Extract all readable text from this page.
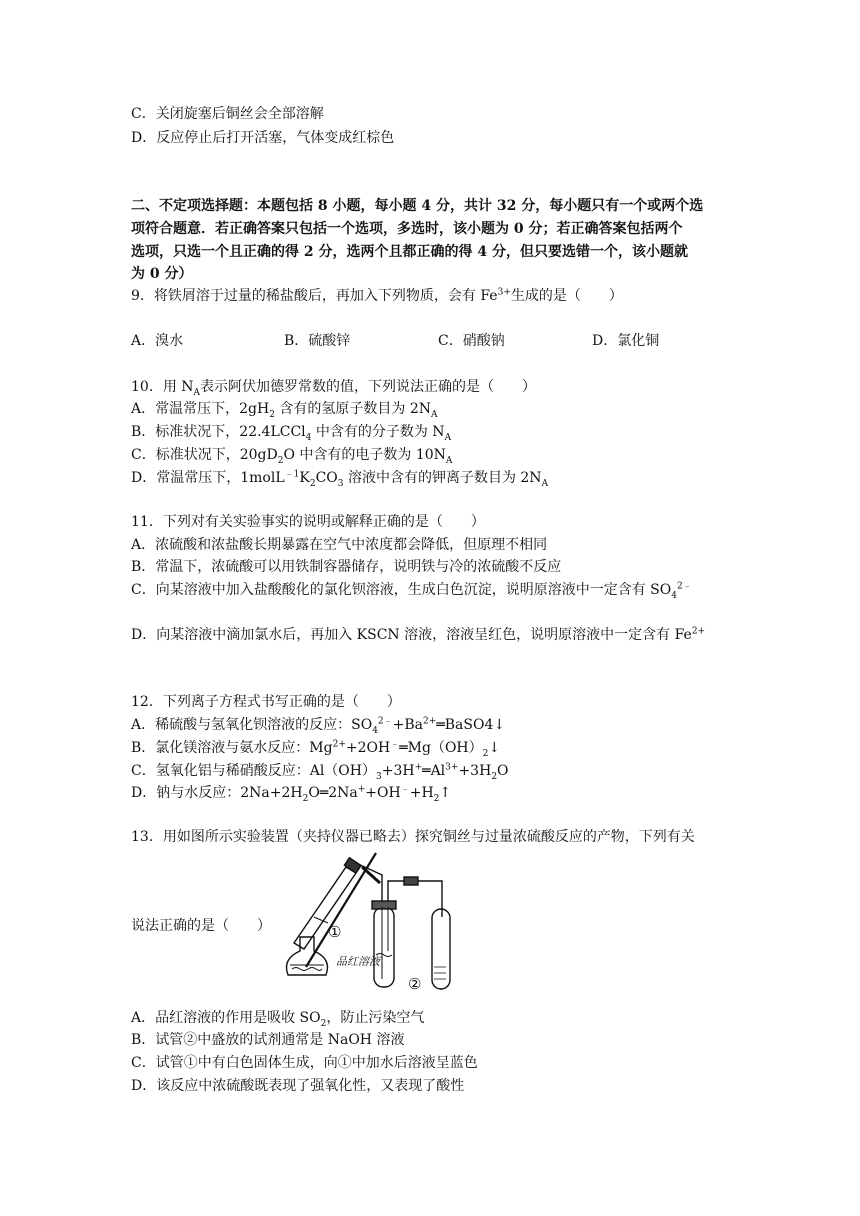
C．关闭旋塞后铜丝会全部溶解
D．反应停止后打开活塞，气体变成红棕色
二、不定项选择题：本题包括 8 小题，每小题 4 分，共计 32 分，每小题只有一个或两个选
项符合题意．若正确答案只包括一个选项，多选时，该小题为 0 分；若正确答案包括两个
选项，只选一个且正确的得 2 分，选两个且都正确的得 4 分，但只要选错一个，该小题就
为 0 分）
9．将铁屑溶于过量的稀盐酸后，再加入下列物质，会有 $Fe^{3+}$生成的是（　　）
A．溴水	B．硫酸锌	C．硝酸钠	D．氯化铜
10．用 $N_A$表示阿伏加德罗常数的值，下列说法正确的是（　　）
A．常温常压下，$2gH_2$ 含有的氢原子数目为 $2N_A$
B．标准状况下，22.4LCCl$_4$ 中含有的分子数为 $N_A$
C．标准状况下，$20gD_2O$ 中含有的电子数为 $10N_A$
D．常温常压下，$1molL^{﹣1}K_2CO_3$ 溶液中含有的钾离子数目为 $2N_A$
11．下列对有关实验事实的说明或解释正确的是（　　）
A．浓硫酸和浓盐酸长期暴露在空气中浓度都会降低，但原理不相同
B．常温下，浓硫酸可以用铁制容器储存，说明铁与冷的浓硫酸不反应
C．向某溶液中加入盐酸酸化的氯化钡溶液，生成白色沉淀，说明原溶液中一定含有 $SO_4^{2﹣}$
D．向某溶液中滴加氯水后，再加入 KSCN 溶液，溶液呈红色，说明原溶液中一定含有 $Fe^{2+}$
12．下列离子方程式书写正确的是（　　）
A．稀硫酸与氢氧化钡溶液的反应：$SO_4^{2﹣}+Ba^{2+}═BaSO4↓$
B．氯化镁溶液与氨水反应：$Mg^{2+}+2OH^﹣═Mg(OH)_2↓$
C．氢氧化铝与稀硝酸反应：$Al(OH)_3+3H^+═Al^{3+}+3H_2O$
D．钠与水反应：$2Na+2H_2O═2Na^++OH^﹣+H_2↑$
13．用如图所示实验装置（夹持仪器已略去）探究铜丝与过量浓硫酸反应的产物，下列有关
说法正确的是（　　）	①
②
品红溶液
A．品红溶液的作用是吸收 $SO_2$，防止污染空气
B．试管②中盛放的试剂通常是 NaOH 溶液
C．试管①中有白色固体生成，向①中加水后溶液呈蓝色
D．该反应中浓硫酸既表现了强氧化性，又表现了酸性
